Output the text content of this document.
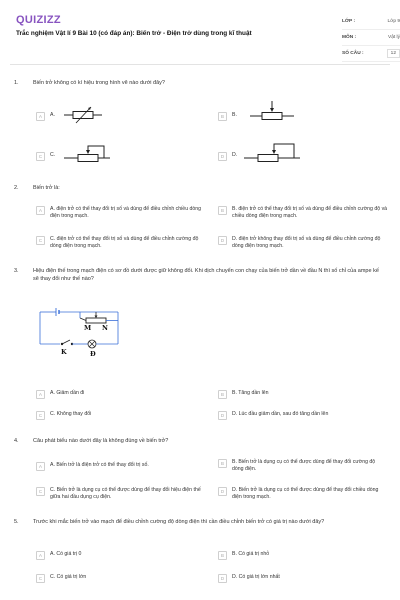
QUIZIZZ
Trắc nghiệm Vật lí 9 Bài 10 (có đáp án): Biến trở - Điện trở dùng trong kĩ thuật
LỚP :	Lớp 9
MÔN :	Vật lý
SỐ CÂU :	12
1.	Biến trở không có kí hiệu trong hình vẽ nào dưới đây?
A	A.	B	B.
C	C.	D	D.
2.	Biến trở là:
A	A. điện trở có thể thay đổi trị số và dùng để điều chỉnh chiều dòng điện trong mạch.
B	B. điện trở có thể thay đổi trị số và dùng để điều chỉnh cường độ và chiều dòng điện trong mạch.
C	C. điện trở có thể thay đổi trị số và dùng để điều chỉnh cường độ dòng điện trong mạch.
D	D. điện trở không thay đổi trị số và dùng để điều chỉnh cường độ dòng điện trong mạch.
3.	Hiệu điện thế trong mạch điện có sơ đồ dưới được giữ không đổi. Khi dịch chuyển con chạy của biến trở dần về đầu N thì số chỉ của ampe kế sẽ thay đổi như thế nào?
M N
K	Đ
A	A. Giảm dần đi	B	B. Tăng dần lên
C	C. Không thay đổi	D	D. Lúc đầu giảm dần, sau đó tăng dần lên
4.	Câu phát biểu nào dưới đây là không đúng về biến trở?
A	A. Biến trở là điện trở có thể thay đổi trị số.	B	B. Biến trở là dụng cụ có thể được dùng để thay đổi cường độ dòng điện.
C	C. Biến trở là dụng cụ có thể được dùng để thay đổi hiệu điện thế giữa hai đầu dụng cụ điện.
D	D. Biến trở là dụng cụ có thể được dùng để thay đổi chiều dòng điện trong mạch.
5.	Trước khi mắc biến trở vào mạch để điều chỉnh cường độ dòng điện thì cần điều chỉnh biến trở có giá trị nào dưới đây?
A	A. Có giá trị 0	B	B. Có giá trị nhỏ
C	C. Có giá trị lớn	D	D. Có giá trị lớn nhất
